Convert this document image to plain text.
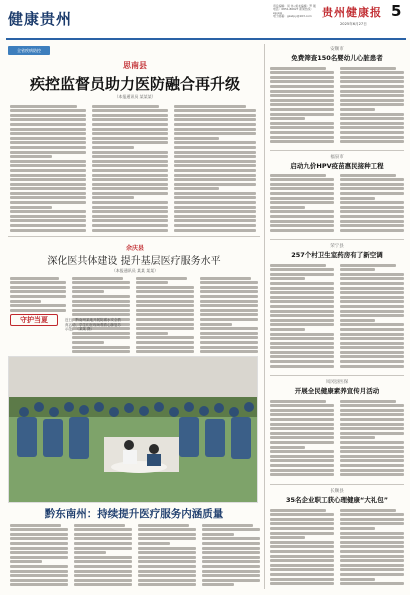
健康贵州
责任编辑：何 伟 /美术编辑：罗 刚
电话：0851-86627 新闻热线：zgnkpl
电子邮箱：gzwlpy@163.com 贵州健康报
2025年6月27日
5
全省疾病防控
思南县
疾控监督员助力医防融合再升级
（本报通讯员 某某某）
余庆县
深化医共体建设 提升基层医疗服务水平
（本报通讯员 某某 某某）
守护当夏	近日，黔南州某地开展防溺水安全教育活动，学生们在现场观看心肺复苏示范。（某某 摄）
黔东南州：持续提升医疗服务内涵质量
安顺市
免费筛查150名婴幼儿心脏患者
福泉市
启动九价HPV疫苗惠民接种工程
荣宁县
257个村卫生室药房有了新空调
凤冈县医保
开展全民健康素养宣传月活动
长顺县
35名企业职工获心理健康“大礼包”
